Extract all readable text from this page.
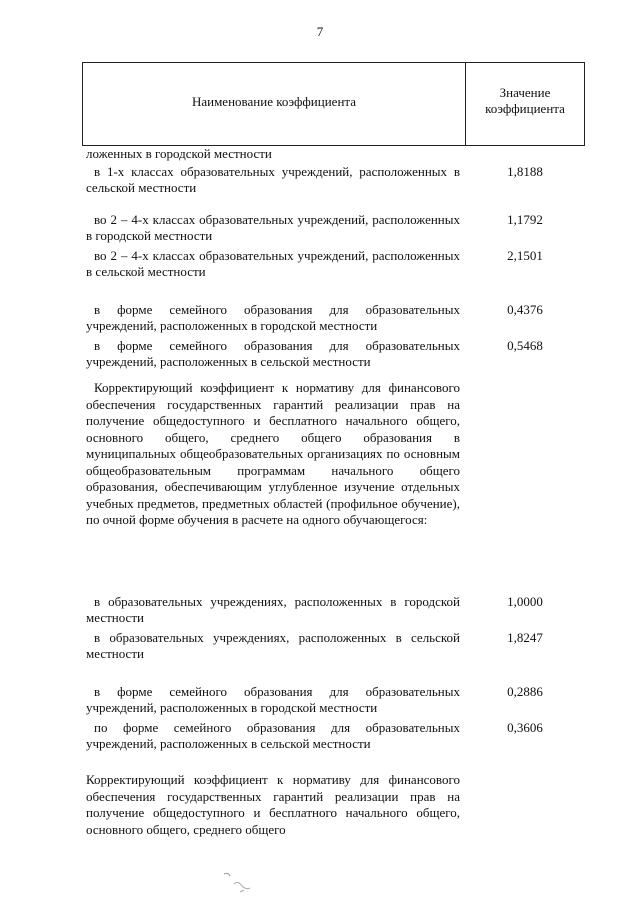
7
Наименование коэффициента
Значение
коэффициента
ложенных в городской местности
в 1-х классах образовательных учреждений, расположенных в сельской местности
1,8188
во 2 – 4-х классах образовательных учреждений, расположенных в городской местности
1,1792
во 2 – 4-х классах образовательных учреждений, расположенных в сельской местности
2,1501
в форме семейного образования для образовательных учреждений, расположенных в городской местности
0,4376
в форме семейного образования для образовательных учреждений, расположенных в сельской местности
0,5468
Корректирующий коэффициент к нормативу для финансового обеспечения государственных гарантий реализации прав на получение общедоступного и бесплатного начального общего, основного общего, среднего общего образования в муниципальных общеобразовательных организациях по основным общеобразовательным программам начального общего образования, обеспечивающим углубленное изучение отдельных учебных предметов, предметных областей (профильное обучение), по очной форме обучения в расчете на одного обучающегося:
в образовательных учреждениях, расположенных в городской местности
1,0000
в образовательных учреждениях, расположенных в сельской местности
1,8247
в форме семейного образования для образовательных учреждений, расположенных в городской местности
0,2886
по форме семейного образования для образовательных учреждений, расположенных в сельской местности
0,3606
Корректирующий коэффициент к нормативу для финансового обеспечения государственных гарантий реализации прав на получение общедоступного и бесплатного начального общего, основного общего, среднего общего
